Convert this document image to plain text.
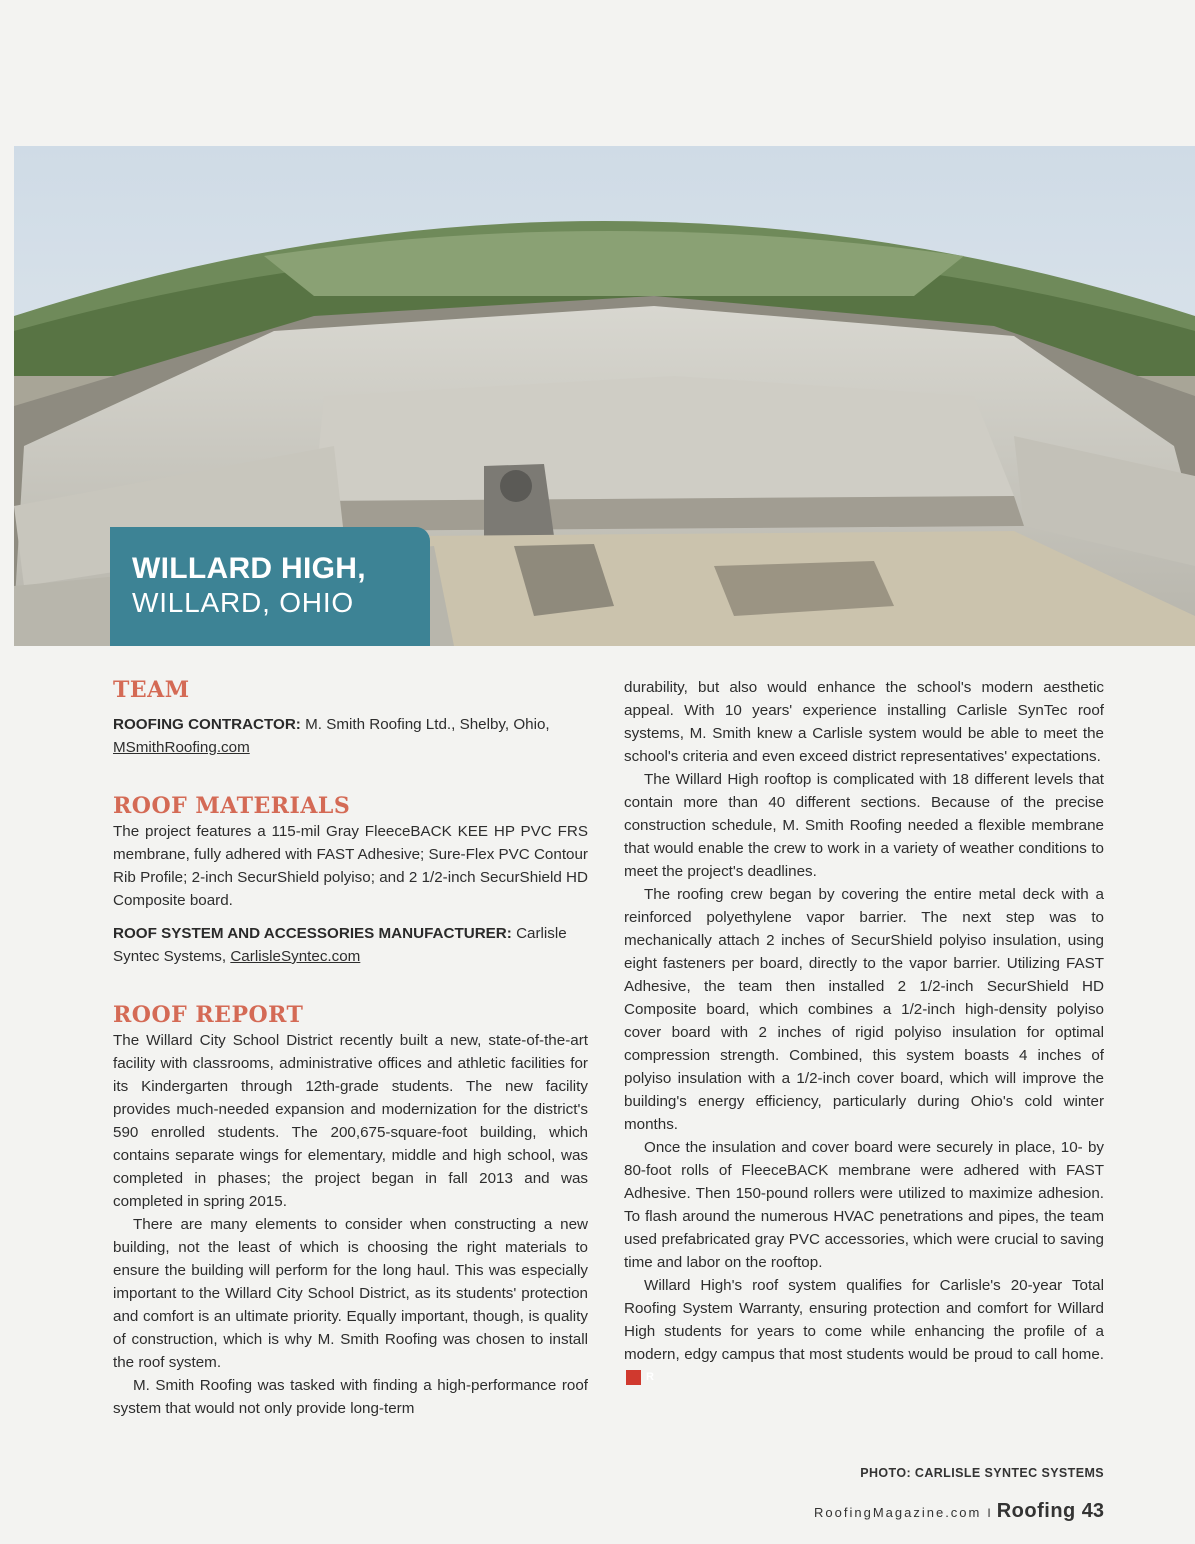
WILLARD HIGH,
WILLARD, OHIO
TEAM

ROOFING CONTRACTOR: M. Smith Roofing Ltd., Shelby, Ohio,
MSmithRoofing.com

ROOF MATERIALS

The project features a 115-mil Gray FleeceBACK KEE HP PVC FRS membrane, fully adhered with FAST Adhesive; Sure-Flex PVC Contour Rib Profile; 2-inch SecurShield polyiso; and 2 1/2-inch SecurShield HD Composite board.

ROOF SYSTEM AND ACCESSORIES MANUFACTURER: Carlisle Syntec Systems, CarlisleSyntec.com

ROOF REPORT

The Willard City School District recently built a new, state-of-the-art facility with classrooms, administrative offices and athletic facilities for its Kindergarten through 12th-grade students. The new facility provides much-needed expansion and modernization for the district's 590 enrolled students. The 200,675-square-foot building, which contains separate wings for elementary, middle and high school, was completed in phases; the project began in fall 2013 and was completed in spring 2015.

There are many elements to consider when constructing a new building, not the least of which is choosing the right materials to ensure the building will perform for the long haul. This was especially important to the Willard City School District, as its students' protection and comfort is an ultimate priority. Equally important, though, is quality of construction, which is why M. Smith Roofing was chosen to install the roof system.

M. Smith Roofing was tasked with finding a high-performance roof system that would not only provide long-term

durability, but also would enhance the school's modern aesthetic appeal. With 10 years' experience installing Carlisle SynTec roof systems, M. Smith knew a Carlisle system would be able to meet the school's criteria and even exceed district representatives' expectations.

The Willard High rooftop is complicated with 18 different levels that contain more than 40 different sections. Because of the precise construction schedule, M. Smith Roofing needed a flexible membrane that would enable the crew to work in a variety of weather conditions to meet the project's deadlines.

The roofing crew began by covering the entire metal deck with a reinforced polyethylene vapor barrier. The next step was to mechanically attach 2 inches of SecurShield polyiso insulation, using eight fasteners per board, directly to the vapor barrier. Utilizing FAST Adhesive, the team then installed 2 1/2-inch SecurShield HD Composite board, which combines a 1/2-inch high-density polyiso cover board with 2 inches of rigid polyiso insulation for optimal compression strength. Combined, this system boasts 4 inches of polyiso insulation with a 1/2-inch cover board, which will improve the building's energy efficiency, particularly during Ohio's cold winter months.

Once the insulation and cover board were securely in place, 10- by 80-foot rolls of FleeceBACK membrane were adhered with FAST Adhesive. Then 150-pound rollers were utilized to maximize adhesion. To flash around the numerous HVAC penetrations and pipes, the team used prefabricated gray PVC accessories, which were crucial to saving time and labor on the rooftop.

Willard High's roof system qualifies for Carlisle's 20-year Total Roofing System Warranty, ensuring protection and comfort for Willard High students for years to come while enhancing the profile of a modern, edgy campus that most students would be proud to call home.R

PHOTO: CARLISLE SYNTEC SYSTEMS
RoofingMagazine.com I Roofing 43
